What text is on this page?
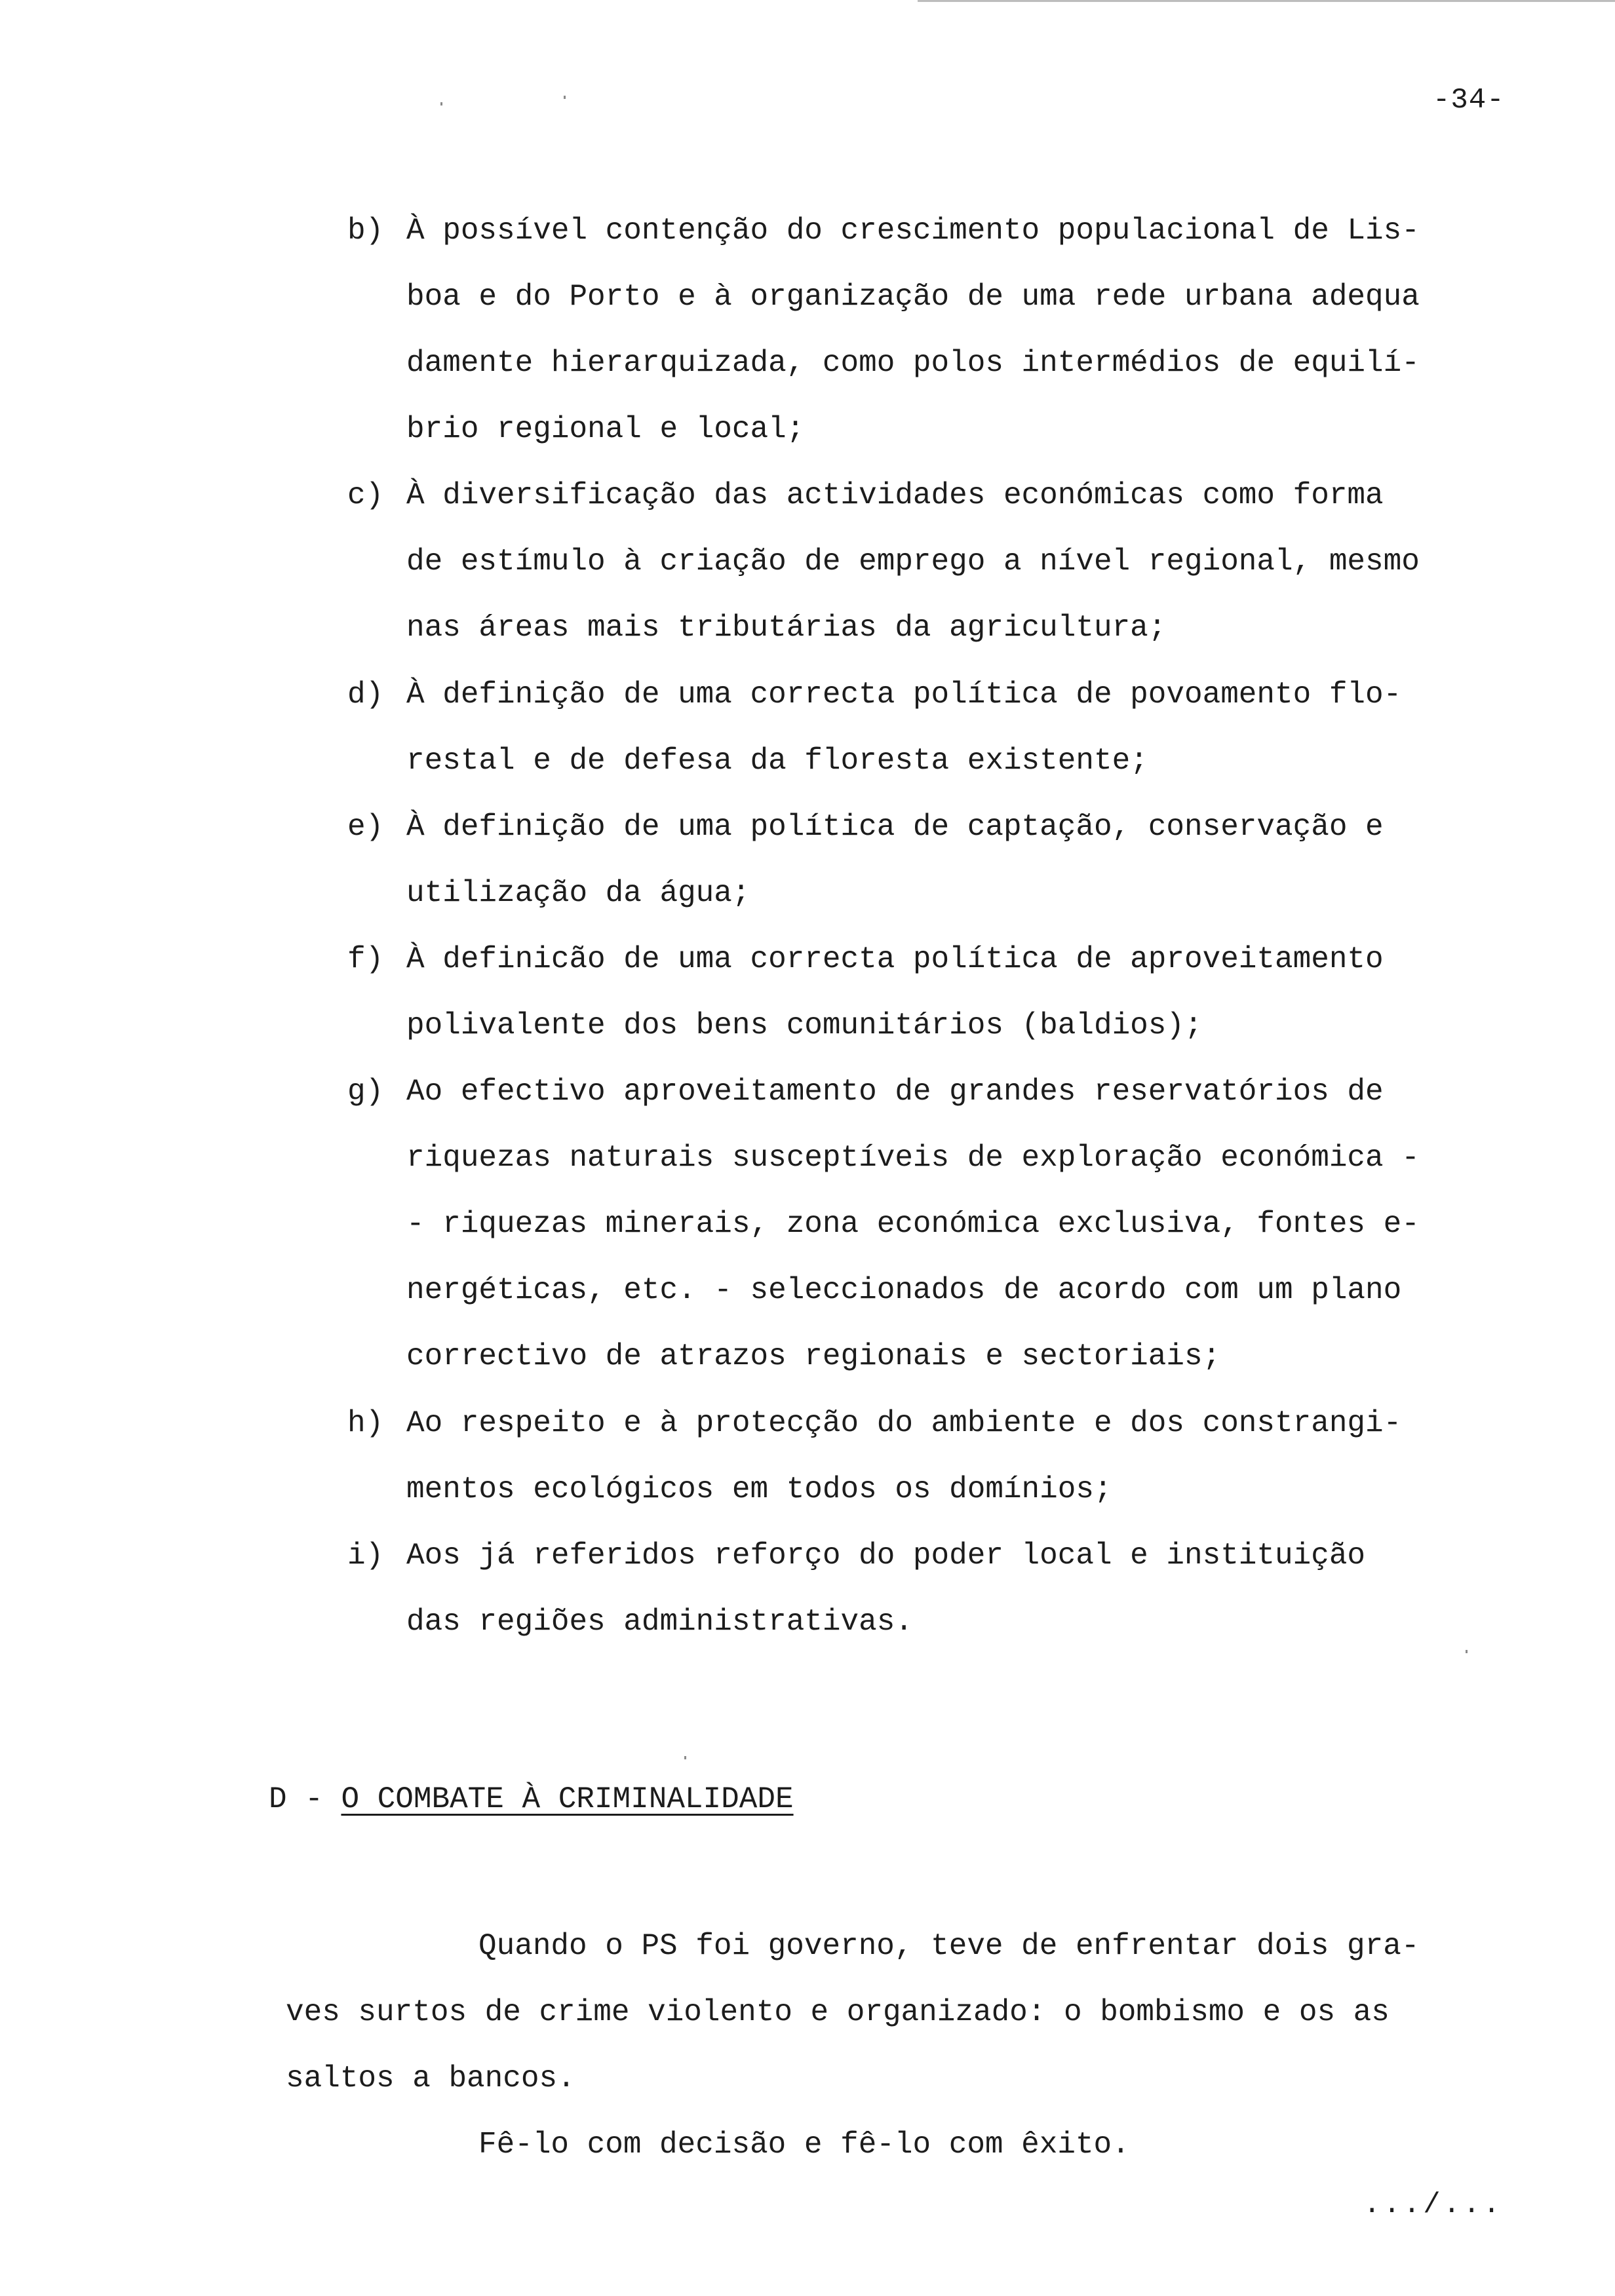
-34-
b) À possível contenção do crescimento populacional de Lis-
boa e do Porto e à organização de uma rede urbana adequa
damente hierarquizada, como polos intermédios de equilí-
brio regional e local;
c) À diversificação das actividades económicas como forma
de estímulo à criação de emprego a nível regional, mesmo
nas áreas mais tributárias da agricultura;
d) À definição de uma correcta política de povoamento flo-
restal e de defesa da floresta existente;
e) À definição de uma política de captação, conservação e
utilização da água;
f) À definicão de uma correcta política de aproveitamento
polivalente dos bens comunitários (baldios);
g) Ao efectivo aproveitamento de grandes reservatórios de
riquezas naturais susceptíveis de exploração económica -
- riquezas minerais, zona económica exclusiva, fontes e-
nergéticas, etc. - seleccionados de acordo com um plano
correctivo de atrazos regionais e sectoriais;
h) Ao respeito e à protecção do ambiente e dos constrangi-
mentos ecológicos em todos os domínios;
i) Aos já referidos reforço do poder local e instituição
das regiões administrativas.
D - O COMBATE À CRIMINALIDADE
Quando o PS foi governo, teve de enfrentar dois gra-
ves surtos de crime violento e organizado: o bombismo e os as
saltos a bancos.
Fê-lo com decisão e fê-lo com êxito.
.../...
